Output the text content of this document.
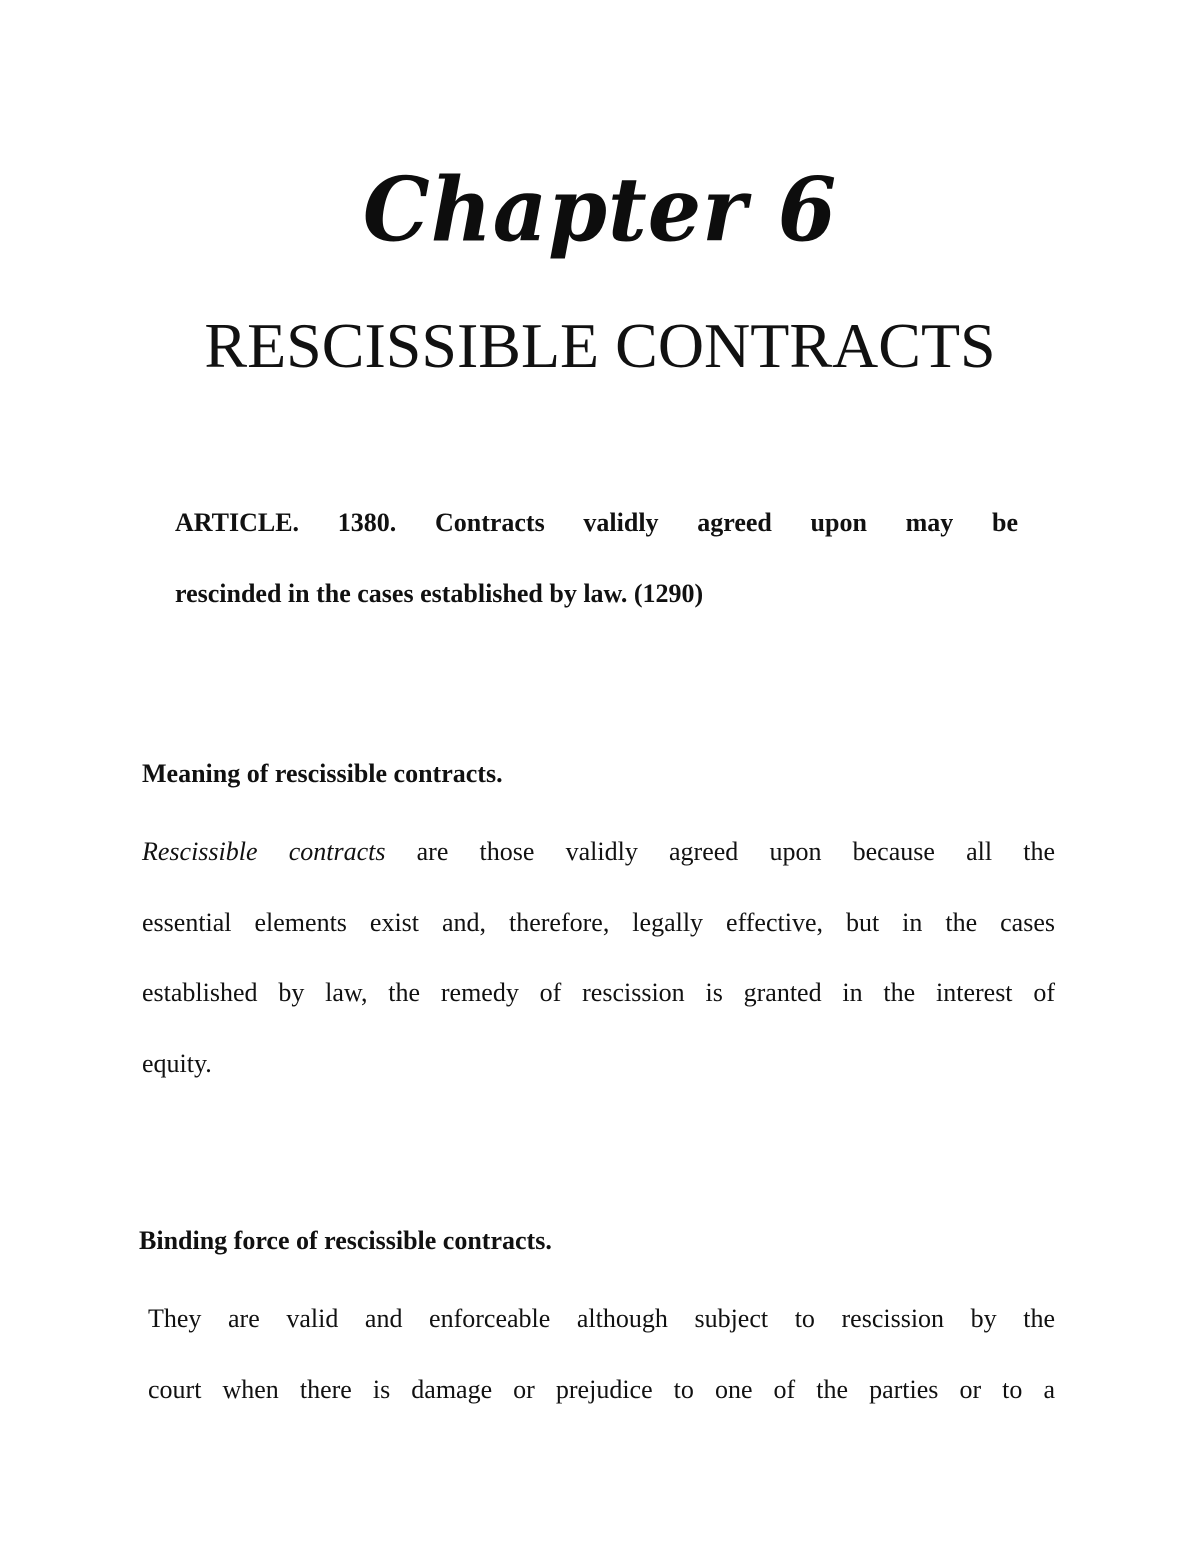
Chapter 6
RESCISSIBLE CONTRACTS
ARTICLE. 1380. Contracts validly agreed upon may be
rescinded in the cases established by law. (1290)
Meaning of rescissible contracts.
Rescissible contracts are those validly agreed upon because all the
essential elements exist and, therefore, legally effective, but in the cases
established by law, the remedy of rescission is granted in the interest of
equity.
Binding force of rescissible contracts.
They are valid and enforceable although subject to rescission by the
court when there is damage or prejudice to one of the parties or to a
